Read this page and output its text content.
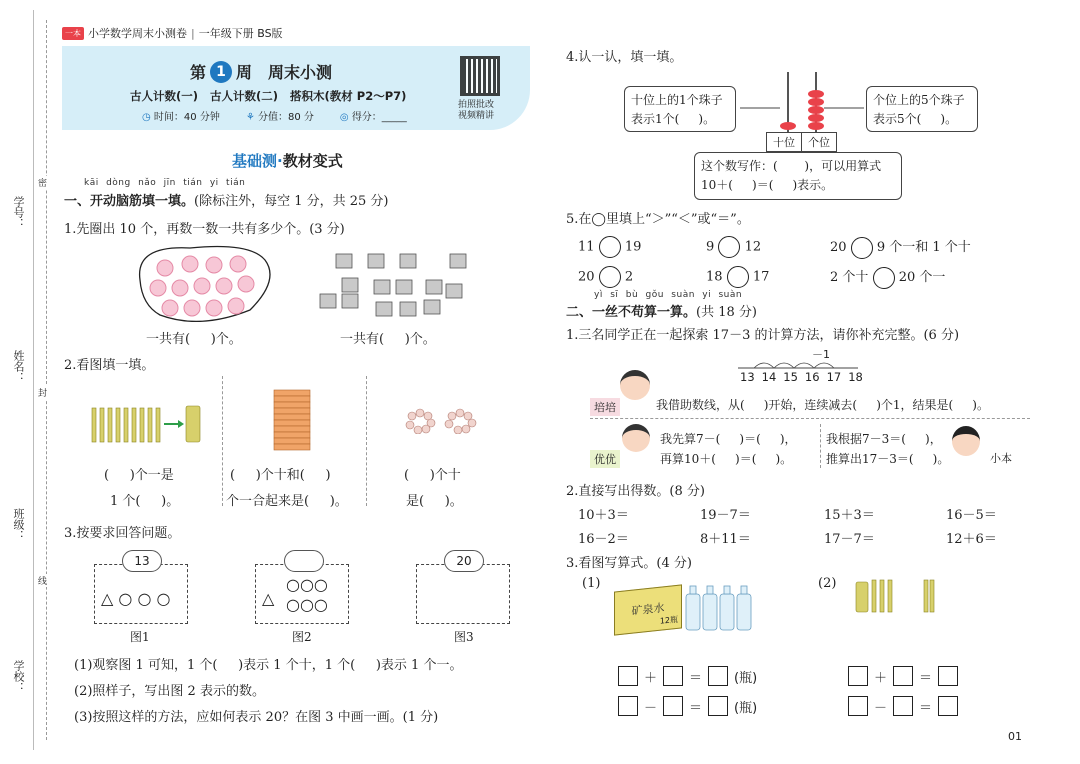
学号：
姓名：
班级：
学校：
密
封
线
一本 小学数学周末小测卷 | 一年级下册 BS版
第 1 周 周末小测
古人计数(一)   古人计数(二)   搭积木(教材 P2～P7)
◷ 时间：40 分钟	⚘ 分值：80 分	◎ 得分：_____
拍照批改
视频精讲
基础测·教材变式
kāi dòng nǎo jīn tián yi tián
一、开动脑筋填一填。(除标注外，每空 1 分，共 25 分)
1.先圈出 10 个，再数一数一共有多少个。(3 分)
一共有(     )个。	一共有(     )个。
2.看图填一填。
(     )个一是
1 个(     )。
(     )个十和(     )
个一合起来是(     )。
(     )个十
是(     )。
3.按要求回答问题。
△ ○ ○ ○
13
△
○○○
○○○
20
图1	图2	图3
(1)观察图 1 可知，1 个(     )表示 1 个十，1 个(     )表示 1 个一。
(2)照样子，写出图 2 表示的数。
(3)按照这样的方法，应如何表示 20？在图 3 中画一画。(1 分)
4.认一认，填一填。
十位上的1个珠子
表示1个(     )。
十位	个位
个位上的5个珠子
表示5个(     )。
这个数写作：(       )，可以用算式
10＋(     )＝(     )表示。
5.在◯里填上“＞”“＜”或“＝”。
11 19	9 12	20 9 个一和 1 个十
20 2	18 17	2 个十 20 个一
yì sī bù gǒu suàn yi suàn
二、一丝不苟算一算。(共 18 分)
1.三名同学正在一起探索 17－3 的计算方法，请你补充完整。(6 分)
－1
13 14 15 16 17 18
培培	我借助数线，从(     )开始，连续减去(     )个1，结果是(     )。
优优
我先算7－(     )＝(     )，
再算10＋(     )＝(     )。
我根据7－3＝(     )，
推算出17－3＝(     )。	小本
2.直接写出得数。(8 分)
10＋3＝	19－7＝	15＋3＝	16－5＝
16－2＝	8＋11＝	17－7＝	12＋6＝
3.看图写算式。(4 分)
(1)
矿泉水
12瓶
(2)
＋ ＝ (瓶)
－ ＝ (瓶)
＋ ＝
－ ＝
01
